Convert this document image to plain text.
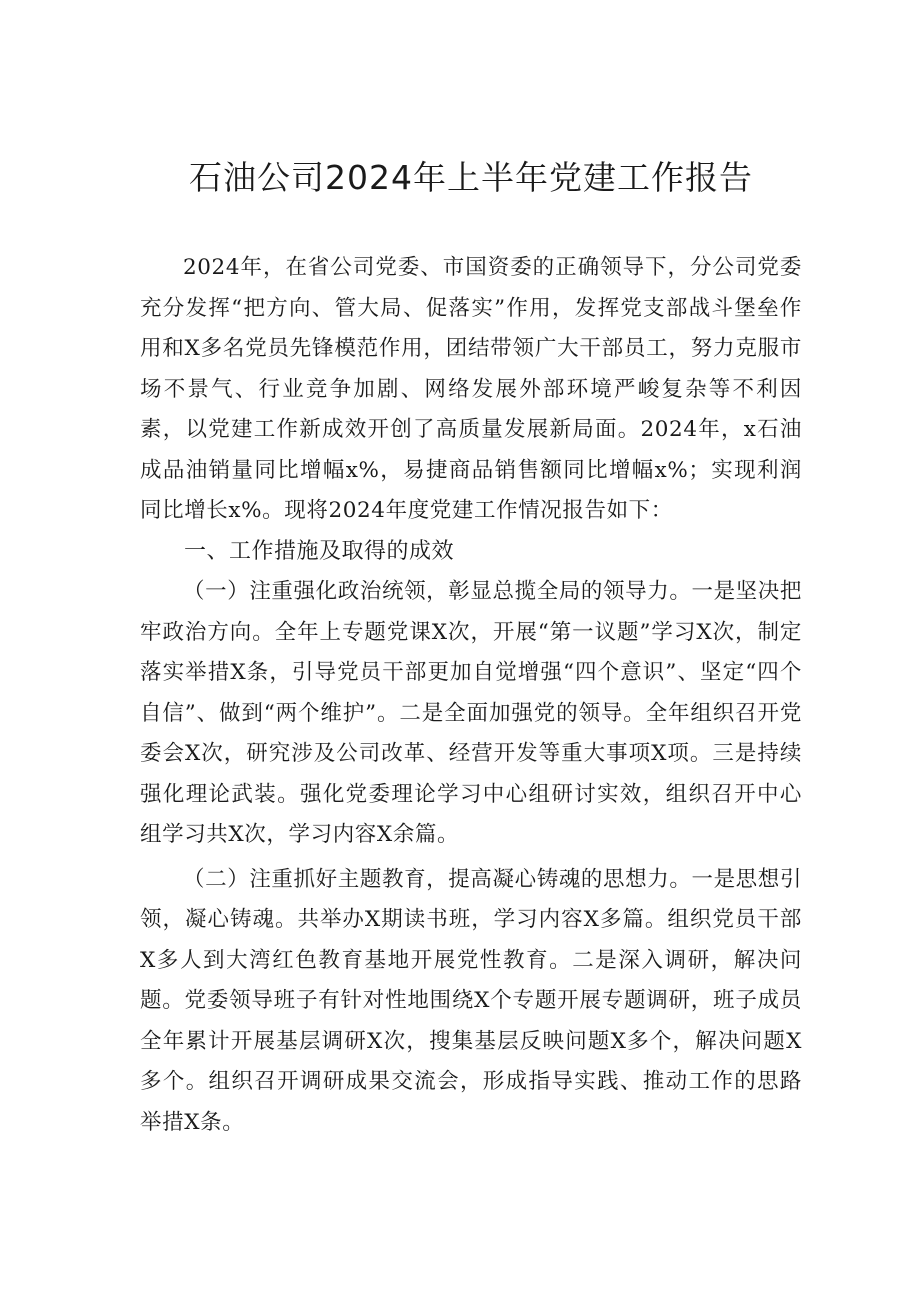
石油公司2024年上半年党建工作报告

2024年，在省公司党委、市国资委的正确领导下，分公司党委充分发挥“把方向、管大局、促落实”作用，发挥党支部战斗堡垒作用和X多名党员先锋模范作用，团结带领广大干部员工，努力克服市场不景气、行业竞争加剧、网络发展外部环境严峻复杂等不利因素，以党建工作新成效开创了高质量发展新局面。2024年，x石油成品油销量同比增幅x%，易捷商品销售额同比增幅x%；实现利润同比增长x%。现将2024年度党建工作情况报告如下：

一、工作措施及取得的成效

（一）注重强化政治统领，彰显总揽全局的领导力。一是坚决把牢政治方向。全年上专题党课X次，开展“第一议题”学习X次，制定落实举措X条，引导党员干部更加自觉增强“四个意识”、坚定“四个自信”、做到“两个维护”。二是全面加强党的领导。全年组织召开党委会X次，研究涉及公司改革、经营开发等重大事项X项。三是持续强化理论武装。强化党委理论学习中心组研讨实效，组织召开中心组学习共X次，学习内容X余篇。

（二）注重抓好主题教育，提高凝心铸魂的思想力。一是思想引领，凝心铸魂。共举办X期读书班，学习内容X多篇。组织党员干部X多人到大湾红色教育基地开展党性教育。二是深入调研，解决问题。党委领导班子有针对性地围绕X个专题开展专题调研，班子成员全年累计开展基层调研X次，搜集基层反映问题X多个，解决问题X多个。组织召开调研成果交流会，形成指导实践、推动工作的思路举措X条。
